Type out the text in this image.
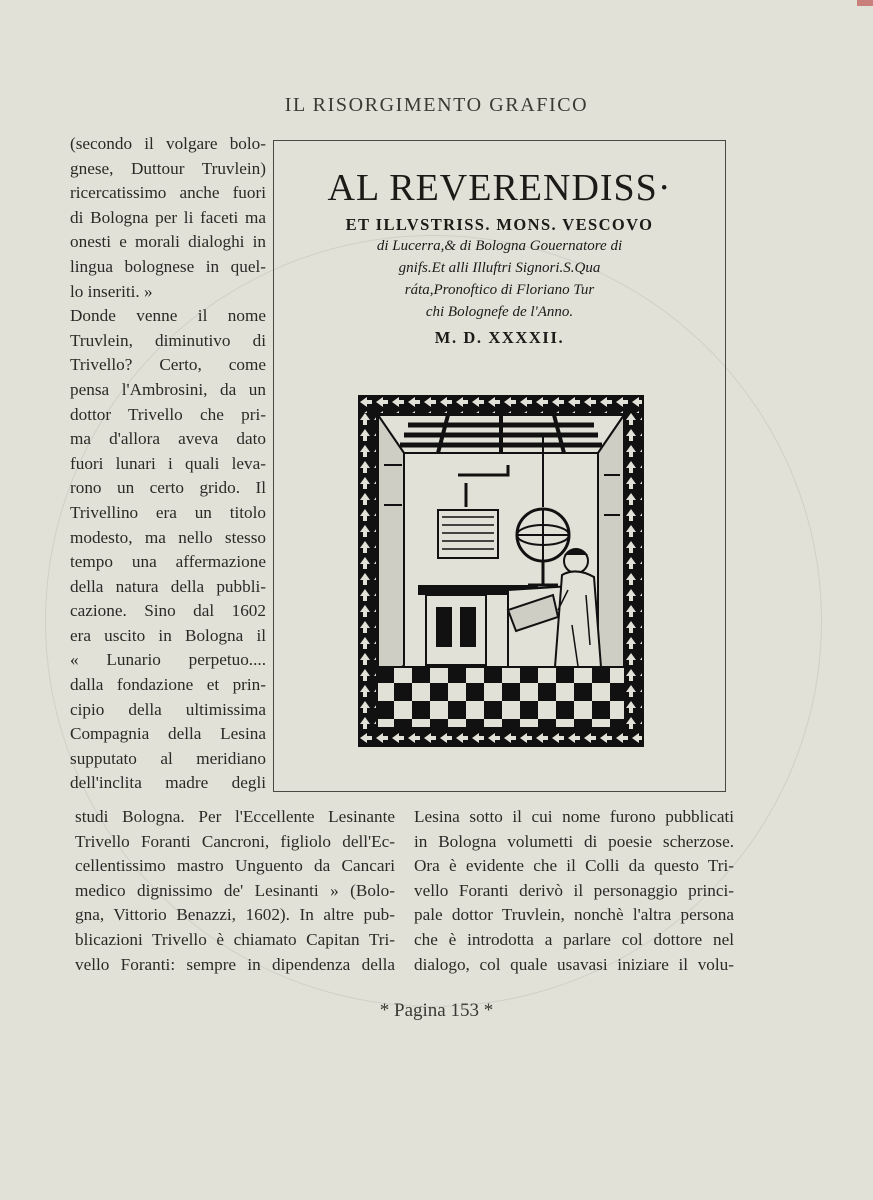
IL RISORGIMENTO GRAFICO
(secondo il volgare bolo-
gnese, Duttour Truvlein)
ricercatissimo anche fuori
di Bologna per li faceti ma
onesti e morali dialoghi in
lingua bolognese in quel-
lo inseriti. »
Donde venne il nome
Truvlein, diminutivo di
Trivello? Certo, come
pensa l'Ambrosini, da un
dottor Trivello che pri-
ma d'allora aveva dato
fuori lunari i quali leva-
rono un certo grido. Il
Trivellino era un titolo
modesto, ma nello stesso
tempo una affermazione
della natura della pubbli-
cazione. Sino dal 1602
era uscito in Bologna il
« Lunario perpetuo....
dalla fondazione et prin-
cipio della ultimissima
Compagnia della Lesina
supputato al meridiano
dell'inclita madre degli
AL REVERENDISS·
ET ILLVSTRISS. MONS. VESCOVO
di Lucerra,& di Bologna Gouernatore di
gnifs.Et alli Illuftri Signori.S.Qua
ráta,Pronoftico di Floriano Tur
chi Bolognefe de l'Anno.
M. D. XXXXII.
studi Bologna. Per l'Eccellente Lesinante
Trivello Foranti Cancroni, figliolo dell'Ec-
cellentissimo mastro Unguento da Cancari
medico dignissimo de' Lesinanti » (Bolo-
gna, Vittorio Benazzi, 1602). In altre pub-
blicazioni Trivello è chiamato Capitan Tri-
vello Foranti: sempre in dipendenza della
Lesina sotto il cui nome furono pubblicati
in Bologna volumetti di poesie scherzose.
Ora è evidente che il Colli da questo Tri-
vello Foranti derivò il personaggio princi-
pale dottor Truvlein, nonchè l'altra persona
che è introdotta a parlare col dottore nel
dialogo, col quale usavasi iniziare il volu-
* Pagina 153 *
